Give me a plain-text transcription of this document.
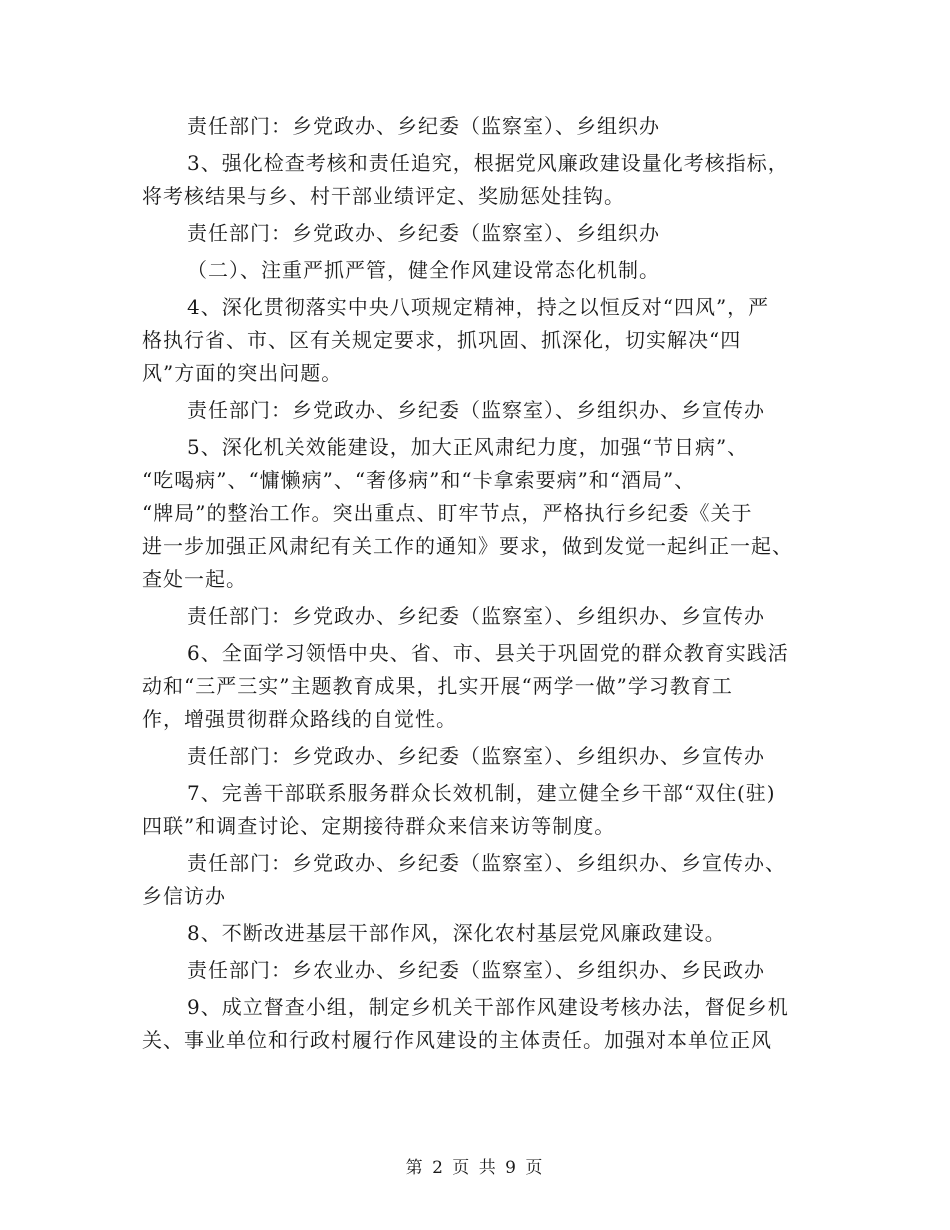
责任部门：乡党政办、乡纪委（监察室）、乡组织办
3、强化检查考核和责任追究，根据党风廉政建设量化考核指标，
将考核结果与乡、村干部业绩评定、奖励惩处挂钩。
责任部门：乡党政办、乡纪委（监察室）、乡组织办
（二）、注重严抓严管，健全作风建设常态化机制。
4、深化贯彻落实中央八项规定精神，持之以恒反对“四风”，严
格执行省、市、区有关规定要求，抓巩固、抓深化，切实解决“四
风”方面的突出问题。
责任部门：乡党政办、乡纪委（监察室）、乡组织办、乡宣传办
5、深化机关效能建设，加大正风肃纪力度，加强“节日病”、
“吃喝病”、“慵懒病”、“奢侈病”和“卡拿索要病”和“酒局”、
“牌局”的整治工作。突出重点、盯牢节点，严格执行乡纪委《关于
进一步加强正风肃纪有关工作的通知》要求，做到发觉一起纠正一起、
查处一起。
责任部门：乡党政办、乡纪委（监察室）、乡组织办、乡宣传办
6、全面学习领悟中央、省、市、县关于巩固党的群众教育实践活
动和“三严三实”主题教育成果，扎实开展“两学一做”学习教育工
作，增强贯彻群众路线的自觉性。
责任部门：乡党政办、乡纪委（监察室）、乡组织办、乡宣传办
7、完善干部联系服务群众长效机制，建立健全乡干部“双住(驻)
四联”和调查讨论、定期接待群众来信来访等制度。
责任部门：乡党政办、乡纪委（监察室）、乡组织办、乡宣传办、
乡信访办
8、不断改进基层干部作风，深化农村基层党风廉政建设。
责任部门：乡农业办、乡纪委（监察室）、乡组织办、乡民政办
9、成立督查小组，制定乡机关干部作风建设考核办法，督促乡机
关、事业单位和行政村履行作风建设的主体责任。加强对本单位正风
第 2 页 共 9 页
